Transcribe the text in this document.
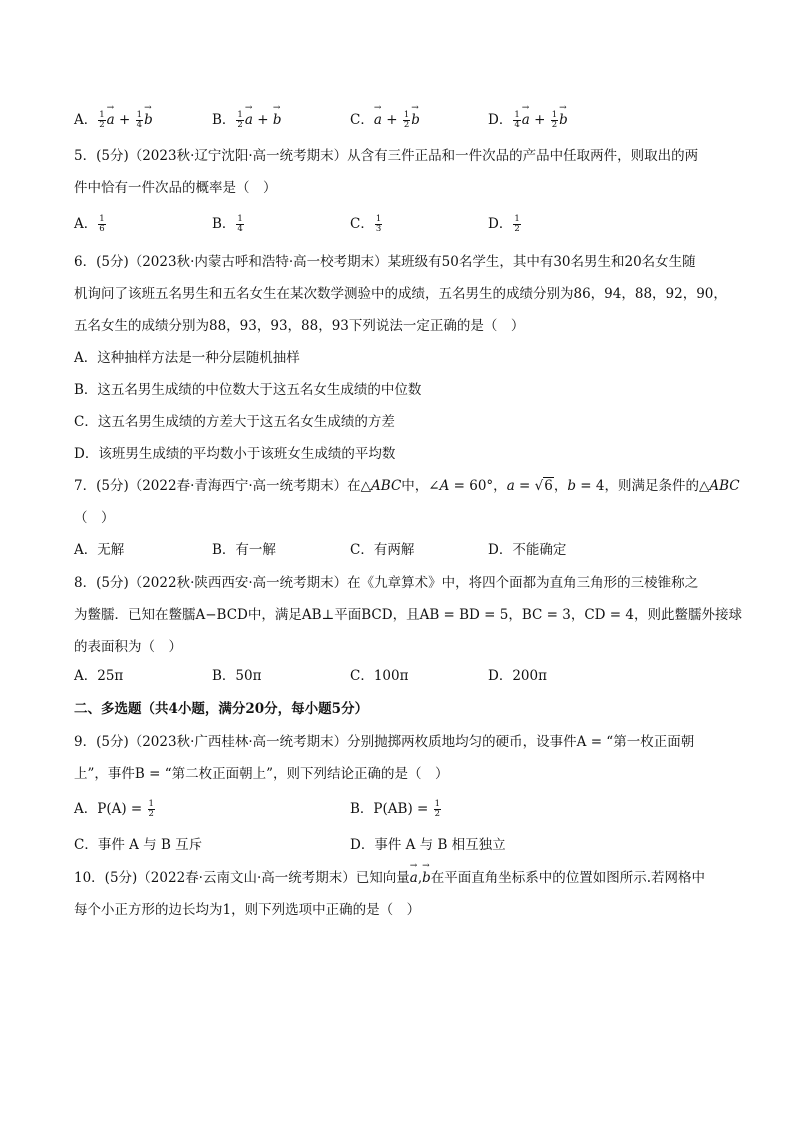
A． $\frac{1}{2}$ a → + $\frac{1}{4}$ b →	B． $\frac{1}{2}$ a → + b →	C．a → + $\frac{1}{2}$ b →	D． $\frac{1}{4}$ a → + $\frac{1}{2}$ b →
5．(5分)（2023秋·辽宁沈阳·高一统考期末）从含有三件正品和一件次品的产品中任取两件，则取出的两
件中恰有一件次品的概率是（　）
A． $\frac{1}{6}$	B． $\frac{1}{4}$	C． $\frac{1}{3}$	D． $\frac{1}{2}$
6．(5分)（2023秋·内蒙古呼和浩特·高一校考期末）某班级有50名学生，其中有30名男生和20名女生随
机询问了该班五名男生和五名女生在某次数学测验中的成绩，五名男生的成绩分别为86，94，88，92，90，
五名女生的成绩分别为88，93，93，88，93下列说法一定正确的是（　）
A．这种抽样方法是一种分层随机抽样
B．这五名男生成绩的中位数大于这五名女生成绩的中位数
C．这五名男生成绩的方差大于这五名女生成绩的方差
D．该班男生成绩的平均数小于该班女生成绩的平均数
7．(5分)（2022春·青海西宁·高一统考期末）在△ABC中，∠A = 60°，a = √6，b = 4，则满足条件的△ABC
（　）
A．无解	B．有一解	C．有两解	D．不能确定
8．(5分)（2022秋·陕西西安·高一统考期末）在《九章算术》中，将四个面都为直角三角形的三棱锥称之
为鳖臑．已知在鳖臑A−BCD中，满足AB⊥平面BCD，且AB = BD = 5，BC = 3，CD = 4，则此鳖臑外接球
的表面积为（　）
A．25π	B．50π	C．100π	D．200π
二、多选题（共4小题，满分20分，每小题5分）
9．(5分)（2023秋·广西桂林·高一统考期末）分别抛掷两枚质地均匀的硬币，设事件A = “第一枚正面朝
上”，事件B = “第二枚正面朝上”，则下列结论正确的是（　）
A．$P(A) = \frac{1}{2}$	B．$P(AB) = \frac{1}{2}$
C．事件 A 与 B 互斥	D．事件 A 与 B 相互独立
10．(5分)（2022春·云南文山·高一统考期末）已知向量a →,b →在平面直角坐标系中的位置如图所示.若网格中
每个小正方形的边长均为1，则下列选项中正确的是（　）
